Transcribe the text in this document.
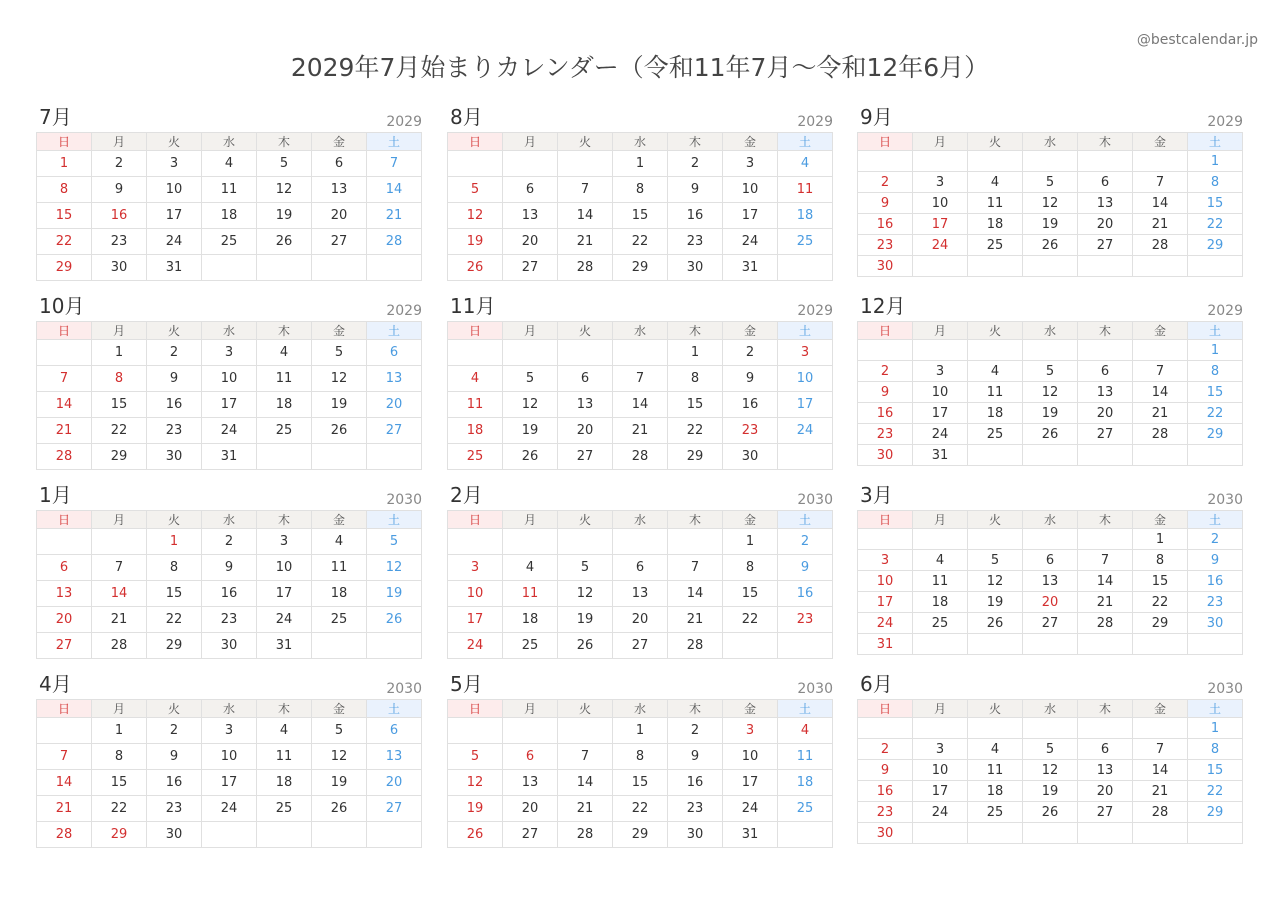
2029年7月始まりカレンダー（令和11年7月〜令和12年6月）
@bestcalendar.jp
7月	2029
日	月	火	水	木	金	土
1	2	3	4	5	6	7
8	9	10	11	12	13	14
15	16	17	18	19	20	21
22	23	24	25	26	27	28
29	30	31				
8月	2029
日	月	火	水	木	金	土
			1	2	3	4
5	6	7	8	9	10	11
12	13	14	15	16	17	18
19	20	21	22	23	24	25
26	27	28	29	30	31	
9月	2029
日	月	火	水	木	金	土
						1
2	3	4	5	6	7	8
9	10	11	12	13	14	15
16	17	18	19	20	21	22
23	24	25	26	27	28	29
30						
10月	2029
日	月	火	水	木	金	土
	1	2	3	4	5	6
7	8	9	10	11	12	13
14	15	16	17	18	19	20
21	22	23	24	25	26	27
28	29	30	31			
11月	2029
日	月	火	水	木	金	土
				1	2	3
4	5	6	7	8	9	10
11	12	13	14	15	16	17
18	19	20	21	22	23	24
25	26	27	28	29	30	
12月	2029
日	月	火	水	木	金	土
						1
2	3	4	5	6	7	8
9	10	11	12	13	14	15
16	17	18	19	20	21	22
23	24	25	26	27	28	29
30	31					
1月	2030
日	月	火	水	木	金	土
		1	2	3	4	5
6	7	8	9	10	11	12
13	14	15	16	17	18	19
20	21	22	23	24	25	26
27	28	29	30	31		
2月	2030
日	月	火	水	木	金	土
					1	2
3	4	5	6	7	8	9
10	11	12	13	14	15	16
17	18	19	20	21	22	23
24	25	26	27	28		
3月	2030
日	月	火	水	木	金	土
					1	2
3	4	5	6	7	8	9
10	11	12	13	14	15	16
17	18	19	20	21	22	23
24	25	26	27	28	29	30
31						
4月	2030
日	月	火	水	木	金	土
	1	2	3	4	5	6
7	8	9	10	11	12	13
14	15	16	17	18	19	20
21	22	23	24	25	26	27
28	29	30				
5月	2030
日	月	火	水	木	金	土
			1	2	3	4
5	6	7	8	9	10	11
12	13	14	15	16	17	18
19	20	21	22	23	24	25
26	27	28	29	30	31	
6月	2030
日	月	火	水	木	金	土
						1
2	3	4	5	6	7	8
9	10	11	12	13	14	15
16	17	18	19	20	21	22
23	24	25	26	27	28	29
30						
